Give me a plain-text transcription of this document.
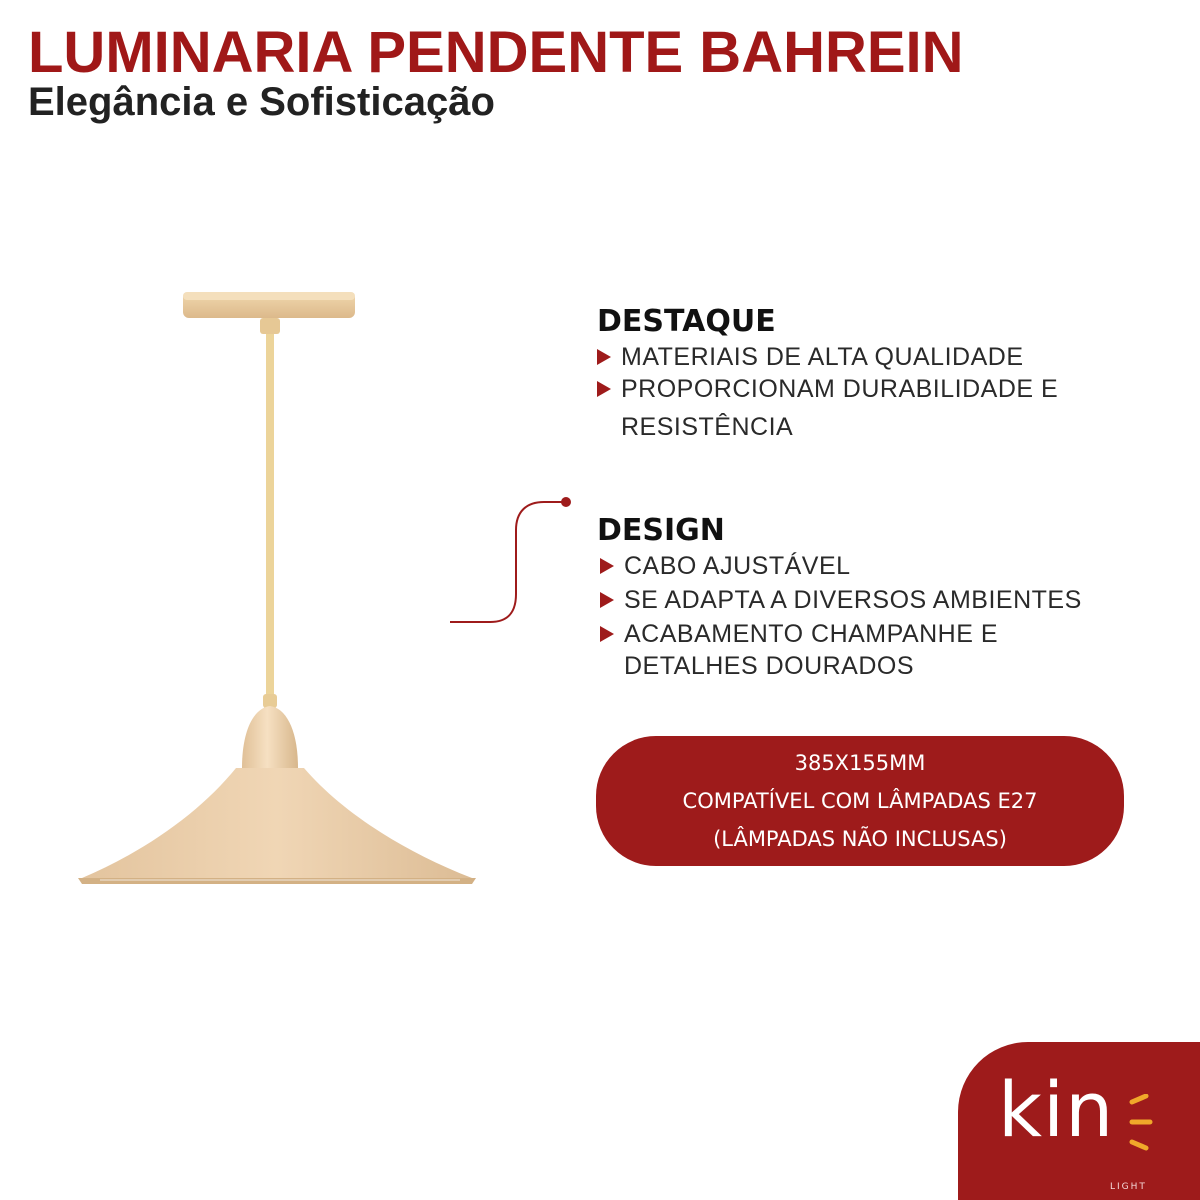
LUMINARIA PENDENTE BAHREIN
Elegância e Sofisticação
DESTAQUE
MATERIAIS DE ALTA QUALIDADE
PROPORCIONAM DURABILIDADE E
RESISTÊNCIA
DESIGN
CABO AJUSTÁVEL
SE ADAPTA A DIVERSOS AMBIENTES
ACABAMENTO CHAMPANHE E
DETALHES DOURADOS
385X155MM
COMPATÍVEL COM LÂMPADAS E27
(LÂMPADAS NÃO INCLUSAS)
kin
LIGHT
